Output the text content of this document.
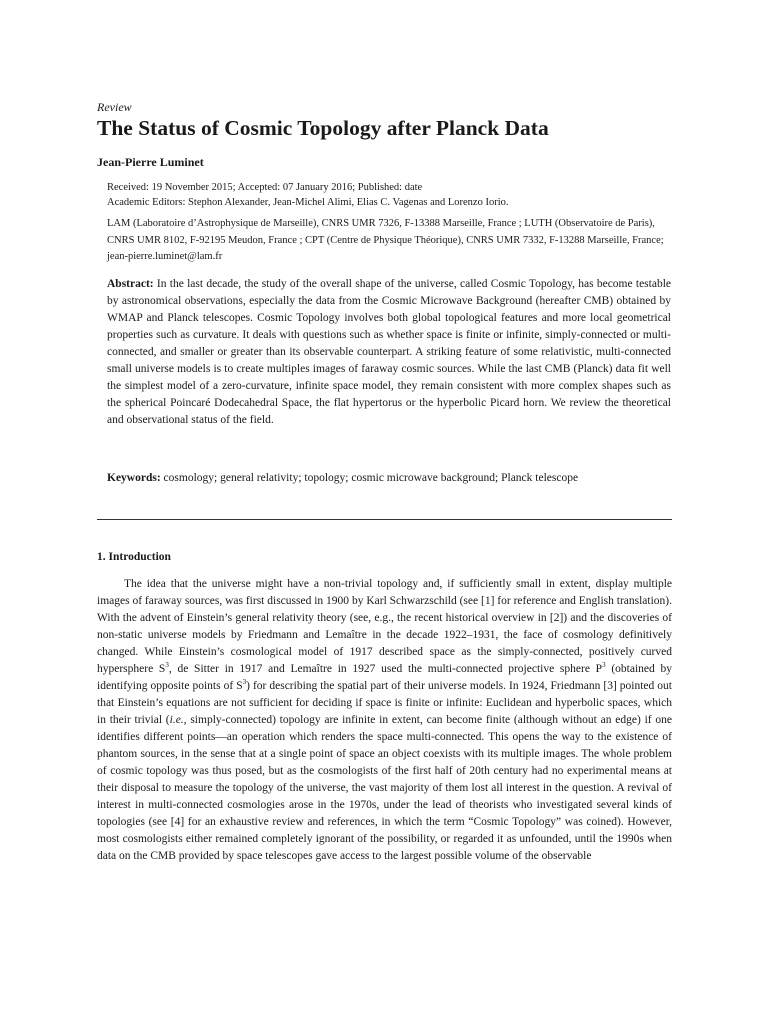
Review
The Status of Cosmic Topology after Planck Data
Jean-Pierre Luminet
Received: 19 November 2015; Accepted: 07 January 2016; Published: date
Academic Editors: Stephon Alexander, Jean-Michel Alimi, Elias C. Vagenas and Lorenzo Iorio.
LAM (Laboratoire d’Astrophysique de Marseille), CNRS UMR 7326, F-13388 Marseille, France ; LUTH (Observatoire de Paris), CNRS UMR 8102, F-92195 Meudon, France ; CPT (Centre de Physique Théorique), CNRS UMR 7332, F-13288 Marseille, France; jean-pierre.luminet@lam.fr

Abstract: In the last decade, the study of the overall shape of the universe, called Cosmic Topology, has become testable by astronomical observations, especially the data from the Cosmic Microwave Background (hereafter CMB) obtained by WMAP and Planck telescopes. Cosmic Topology involves both global topological features and more local geometrical properties such as curvature. It deals with questions such as whether space is finite or infinite, simply-connected or multi-connected, and smaller or greater than its observable counterpart. A striking feature of some relativistic, multi-connected small universe models is to create multiples images of faraway cosmic sources. While the last CMB (Planck) data fit well the simplest model of a zero-curvature, infinite space model, they remain consistent with more complex shapes such as the spherical Poincaré Dodecahedral Space, the flat hypertorus or the hyperbolic Picard horn. We review the theoretical and observational status of the field.

Keywords: cosmology; general relativity; topology; cosmic microwave background; Planck telescope

1. Introduction

The idea that the universe might have a non-trivial topology and, if sufficiently small in extent, display multiple images of faraway sources, was first discussed in 1900 by Karl Schwarzschild (see [1] for reference and English translation). With the advent of Einstein’s general relativity theory (see, e.g., the recent historical overview in [2]) and the discoveries of non-static universe models by Friedmann and Lemaître in the decade 1922–1931, the face of cosmology definitively changed. While Einstein’s cosmological model of 1917 described space as the simply-connected, positively curved hypersphere $S^3$, de Sitter in 1917 and Lemaître in 1927 used the multi-connected projective sphere $P^3$ (obtained by identifying opposite points of $S^3$) for describing the spatial part of their universe models. In 1924, Friedmann [3] pointed out that Einstein’s equations are not sufficient for deciding if space is finite or infinite: Euclidean and hyperbolic spaces, which in their trivial (i.e., simply-connected) topology are infinite in extent, can become finite (although without an edge) if one identifies different points—an operation which renders the space multi-connected. This opens the way to the existence of phantom sources, in the sense that at a single point of space an object coexists with its multiple images. The whole problem of cosmic topology was thus posed, but as the cosmologists of the first half of 20th century had no experimental means at their disposal to measure the topology of the universe, the vast majority of them lost all interest in the question. A revival of interest in multi-connected cosmologies arose in the 1970s, under the lead of theorists who investigated several kinds of topologies (see [4] for an exhaustive review and references, in which the term “Cosmic Topology” was coined). However, most cosmologists either remained completely ignorant of the possibility, or regarded it as unfounded, until the 1990s when data on the CMB provided by space telescopes gave access to the largest possible volume of the observable
